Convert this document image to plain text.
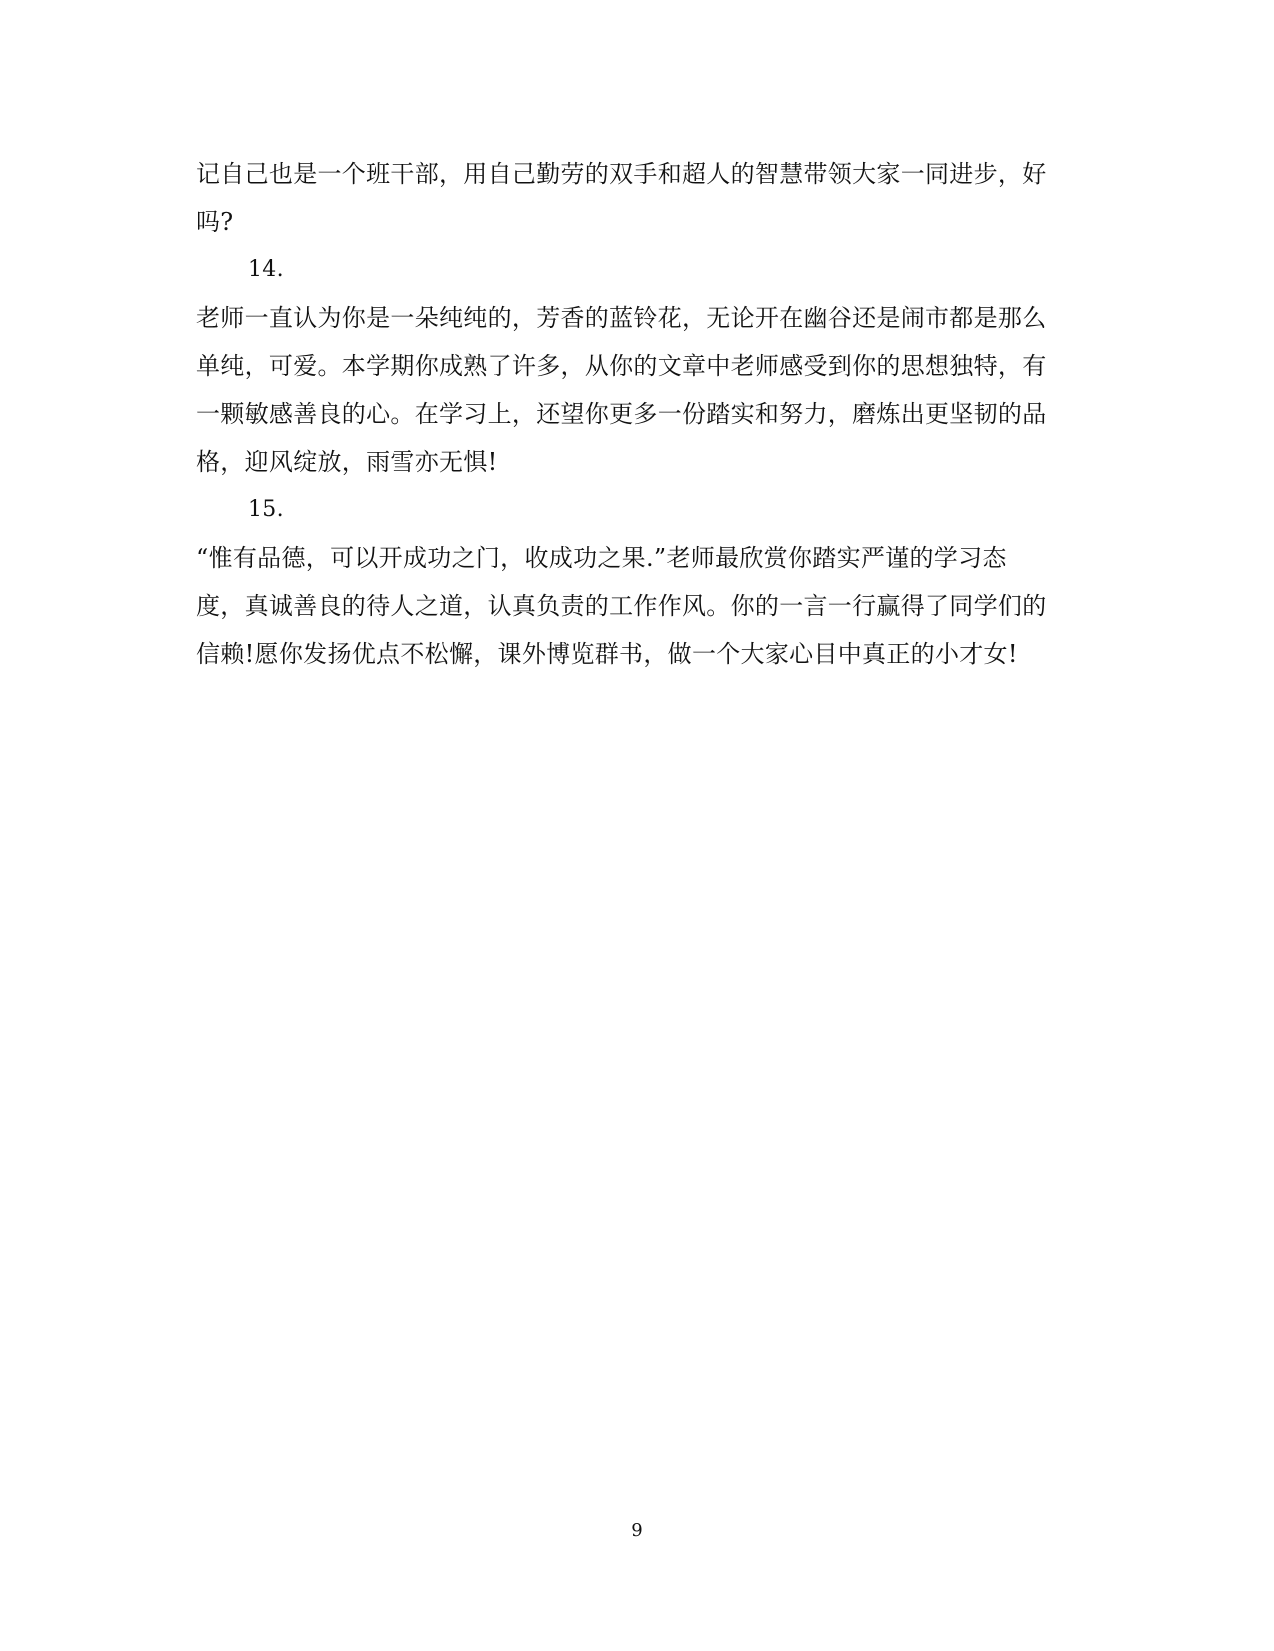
记自己也是一个班干部，用自己勤劳的双手和超人的智慧带领大家一同进步，好
吗?
14.
老师一直认为你是一朵纯纯的，芳香的蓝铃花，无论开在幽谷还是闹市都是那么
单纯，可爱。本学期你成熟了许多，从你的文章中老师感受到你的思想独特，有
一颗敏感善良的心。在学习上，还望你更多一份踏实和努力，磨炼出更坚韧的品
格，迎风绽放，雨雪亦无惧!
15.
“惟有品德，可以开成功之门，收成功之果.”老师最欣赏你踏实严谨的学习态
度，真诚善良的待人之道，认真负责的工作作风。你的一言一行赢得了同学们的
信赖!愿你发扬优点不松懈，课外博览群书，做一个大家心目中真正的小才女!
9
